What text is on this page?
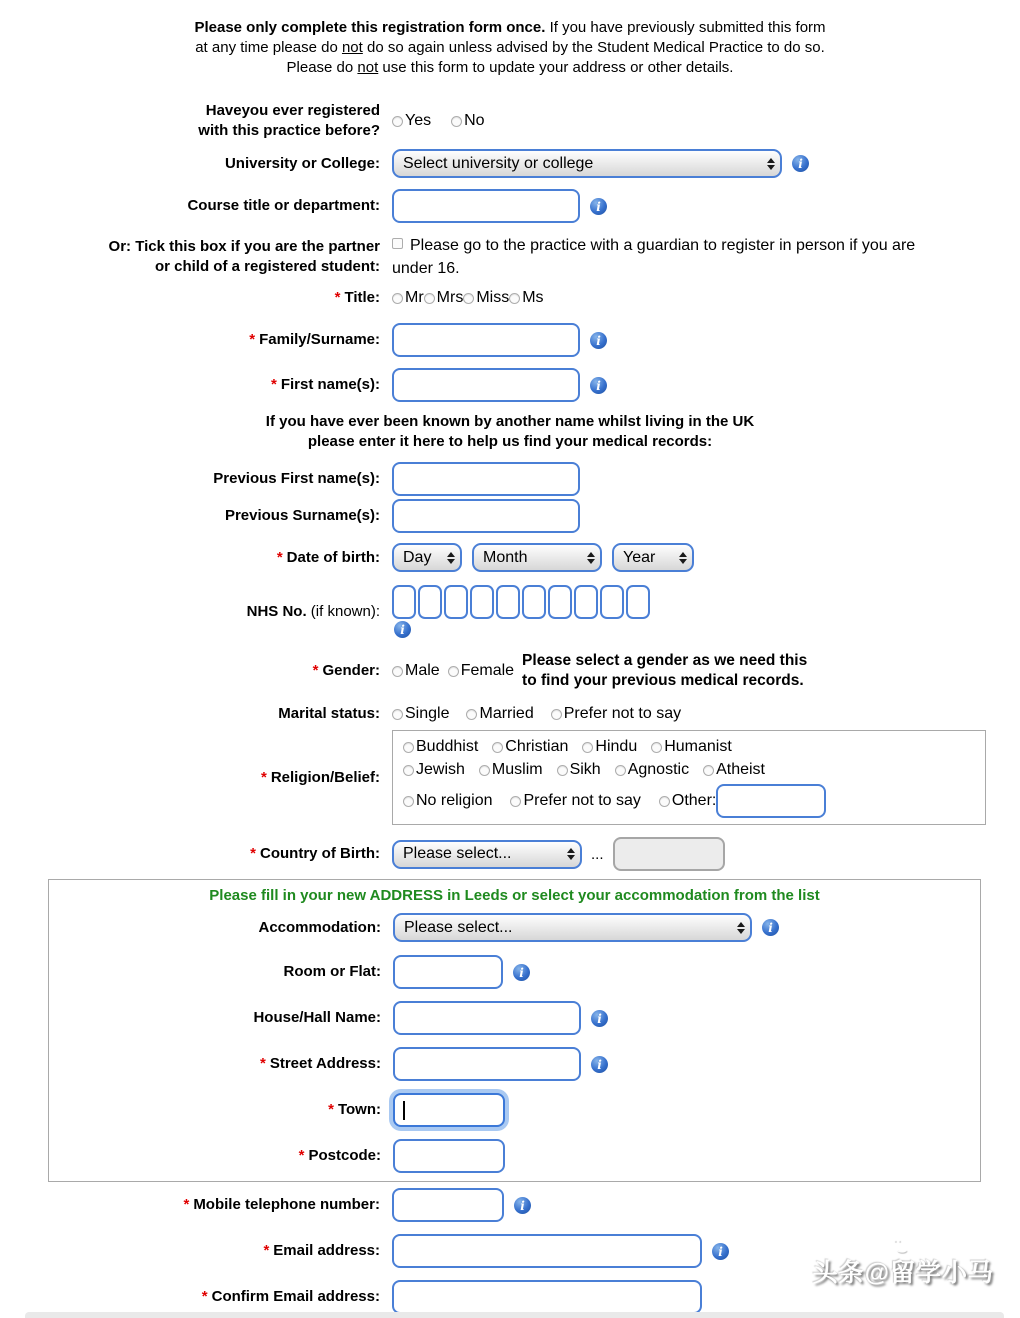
Please only complete this registration form once. If you have previously submitted this form
at any time please do not do so again unless advised by the Student Medical Practice to do so.
Please do not use this form to update your address or other details.
Haveyou ever registered
with this practice before?
Yes No
University or College:	Select university or college
i
Course title or department:
i
Or: Tick this box if you are the partner
or child of a registered student:
Please go to the practice with a guardian to register in person if you are under 16.
* Title:	Mr Mrs Miss Ms
* Family/Surname:
i
* First name(s):
i
If you have ever been known by another name whilst living in the UK
please enter it here to help us find your medical records:
Previous First name(s):
Previous Surname(s):
* Date of birth:	Day	Month	Year
NHS No. (if known):
i
* Gender:	Male Female
Please select a gender as we need this
to find your previous medical records.
Marital status:	Single Married Prefer not to say
* Religion/Belief:
Buddhist Christian Hindu Humanist
Jewish Muslim Sikh Agnostic Atheist
No religion Prefer not to say Other:
* Country of Birth:	Please select...	...
Please fill in your new ADDRESS in Leeds or select your accommodation from the list
Accommodation:	Please select...
i
Room or Flat:
i
House/Hall Name:
i
* Street Address:
i
* Town:
* Postcode:
* Mobile telephone number:
i
* Email address:
i
* Confirm Email address:
˙͜˙
头条@留学小马
